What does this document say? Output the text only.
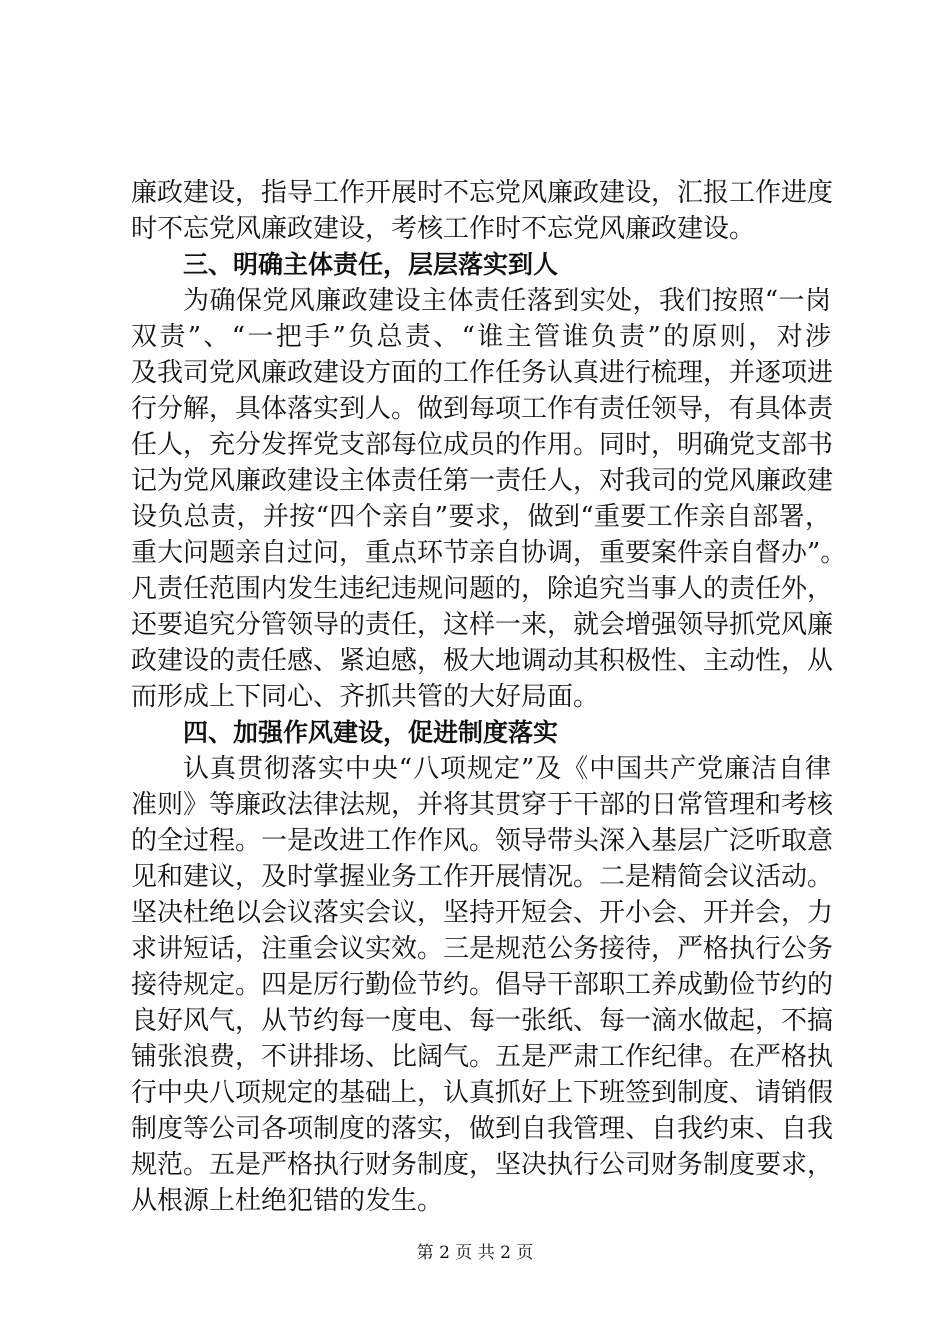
廉政建设，指导工作开展时不忘党风廉政建设，汇报工作进度
时不忘党风廉政建设，考核工作时不忘党风廉政建设。
三、明确主体责任，层层落实到人
为确保党风廉政建设主体责任落到实处，我们按照“一岗
双责”、“一把手”负总责、“谁主管谁负责”的原则，对涉
及我司党风廉政建设方面的工作任务认真进行梳理，并逐项进
行分解，具体落实到人。做到每项工作有责任领导，有具体责
任人，充分发挥党支部每位成员的作用。同时，明确党支部书
记为党风廉政建设主体责任第一责任人，对我司的党风廉政建
设负总责，并按“四个亲自”要求，做到“重要工作亲自部署，
重大问题亲自过问，重点环节亲自协调，重要案件亲自督办”。
凡责任范围内发生违纪违规问题的，除追究当事人的责任外，
还要追究分管领导的责任，这样一来，就会增强领导抓党风廉
政建设的责任感、紧迫感，极大地调动其积极性、主动性，从
而形成上下同心、齐抓共管的大好局面。
四、加强作风建设，促进制度落实
认真贯彻落实中央“八项规定”及《中国共产党廉洁自律
准则》等廉政法律法规，并将其贯穿于干部的日常管理和考核
的全过程。一是改进工作作风。领导带头深入基层广泛听取意
见和建议，及时掌握业务工作开展情况。二是精简会议活动。
坚决杜绝以会议落实会议，坚持开短会、开小会、开并会，力
求讲短话，注重会议实效。三是规范公务接待，严格执行公务
接待规定。四是厉行勤俭节约。倡导干部职工养成勤俭节约的
良好风气，从节约每一度电、每一张纸、每一滴水做起，不搞
铺张浪费，不讲排场、比阔气。五是严肃工作纪律。在严格执
行中央八项规定的基础上，认真抓好上下班签到制度、请销假
制度等公司各项制度的落实，做到自我管理、自我约束、自我
规范。五是严格执行财务制度，坚决执行公司财务制度要求，
从根源上杜绝犯错的发生。
第 2 页 共 2 页
